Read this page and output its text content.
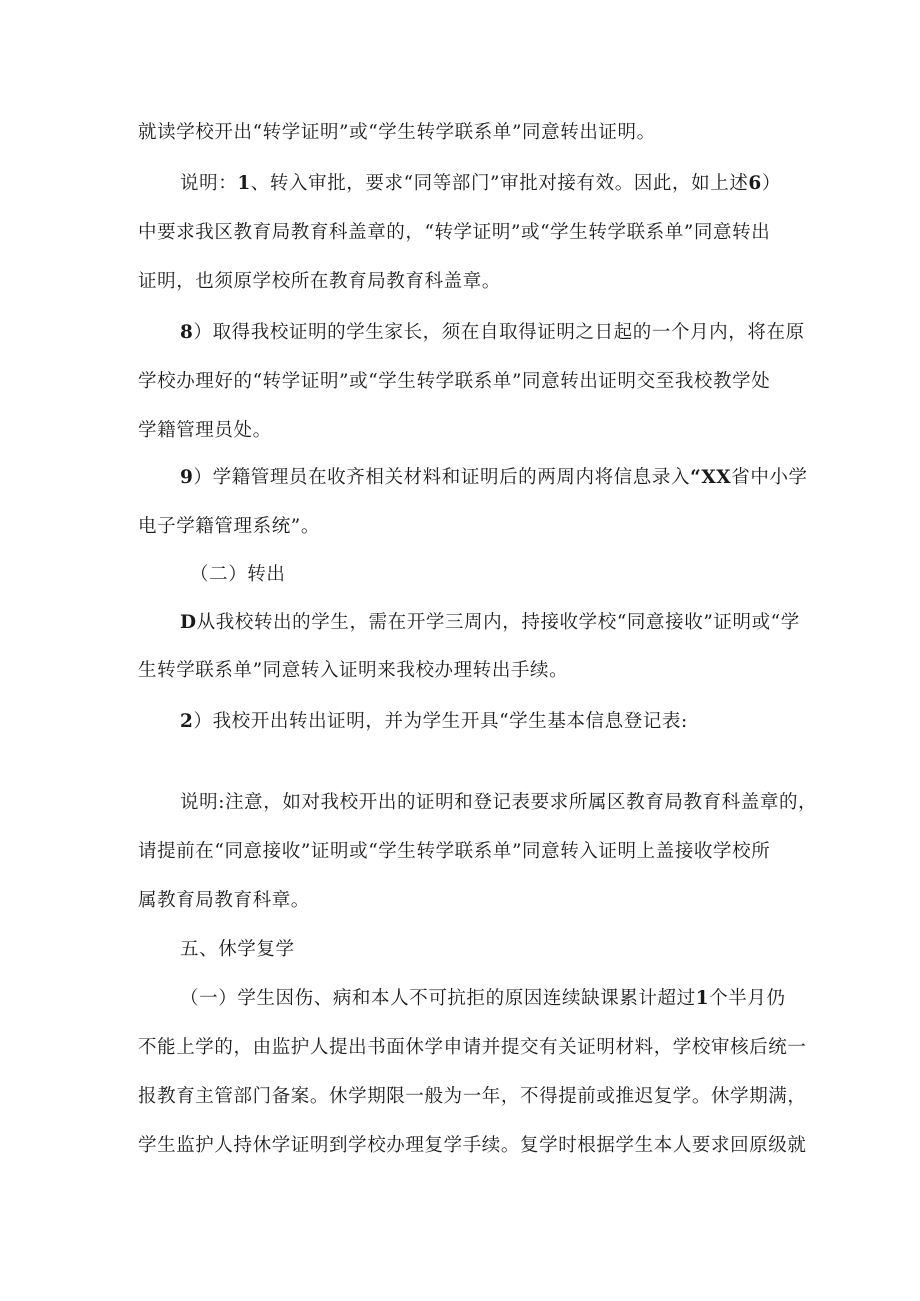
就读学校开出“转学证明”或“学生转学联系单”同意转出证明。
说明：1、转入审批，要求“同等部门”审批对接有效。因此，如上述6）
中要求我区教育局教育科盖章的，“转学证明”或“学生转学联系单”同意转出
证明，也须原学校所在教育局教育科盖章。
8）取得我校证明的学生家长，须在自取得证明之日起的一个月内，将在原
学校办理好的“转学证明”或“学生转学联系单”同意转出证明交至我校教学处
学籍管理员处。
9）学籍管理员在收齐相关材料和证明后的两周内将信息录入“XX省中小学
电子学籍管理系统”。
（二）转出
D从我校转出的学生，需在开学三周内，持接收学校“同意接收”证明或“学
生转学联系单”同意转入证明来我校办理转出手续。
2）我校开出转出证明，并为学生开具“学生基本信息登记表:
说明:注意，如对我校开出的证明和登记表要求所属区教育局教育科盖章的，
请提前在“同意接收”证明或“学生转学联系单”同意转入证明上盖接收学校所
属教育局教育科章。
五、休学复学
（一）学生因伤、病和本人不可抗拒的原因连续缺课累计超过1个半月仍
不能上学的，由监护人提出书面休学申请并提交有关证明材料，学校审核后统一
报教育主管部门备案。休学期限一般为一年，不得提前或推迟复学。休学期满，
学生监护人持休学证明到学校办理复学手续。复学时根据学生本人要求回原级就
